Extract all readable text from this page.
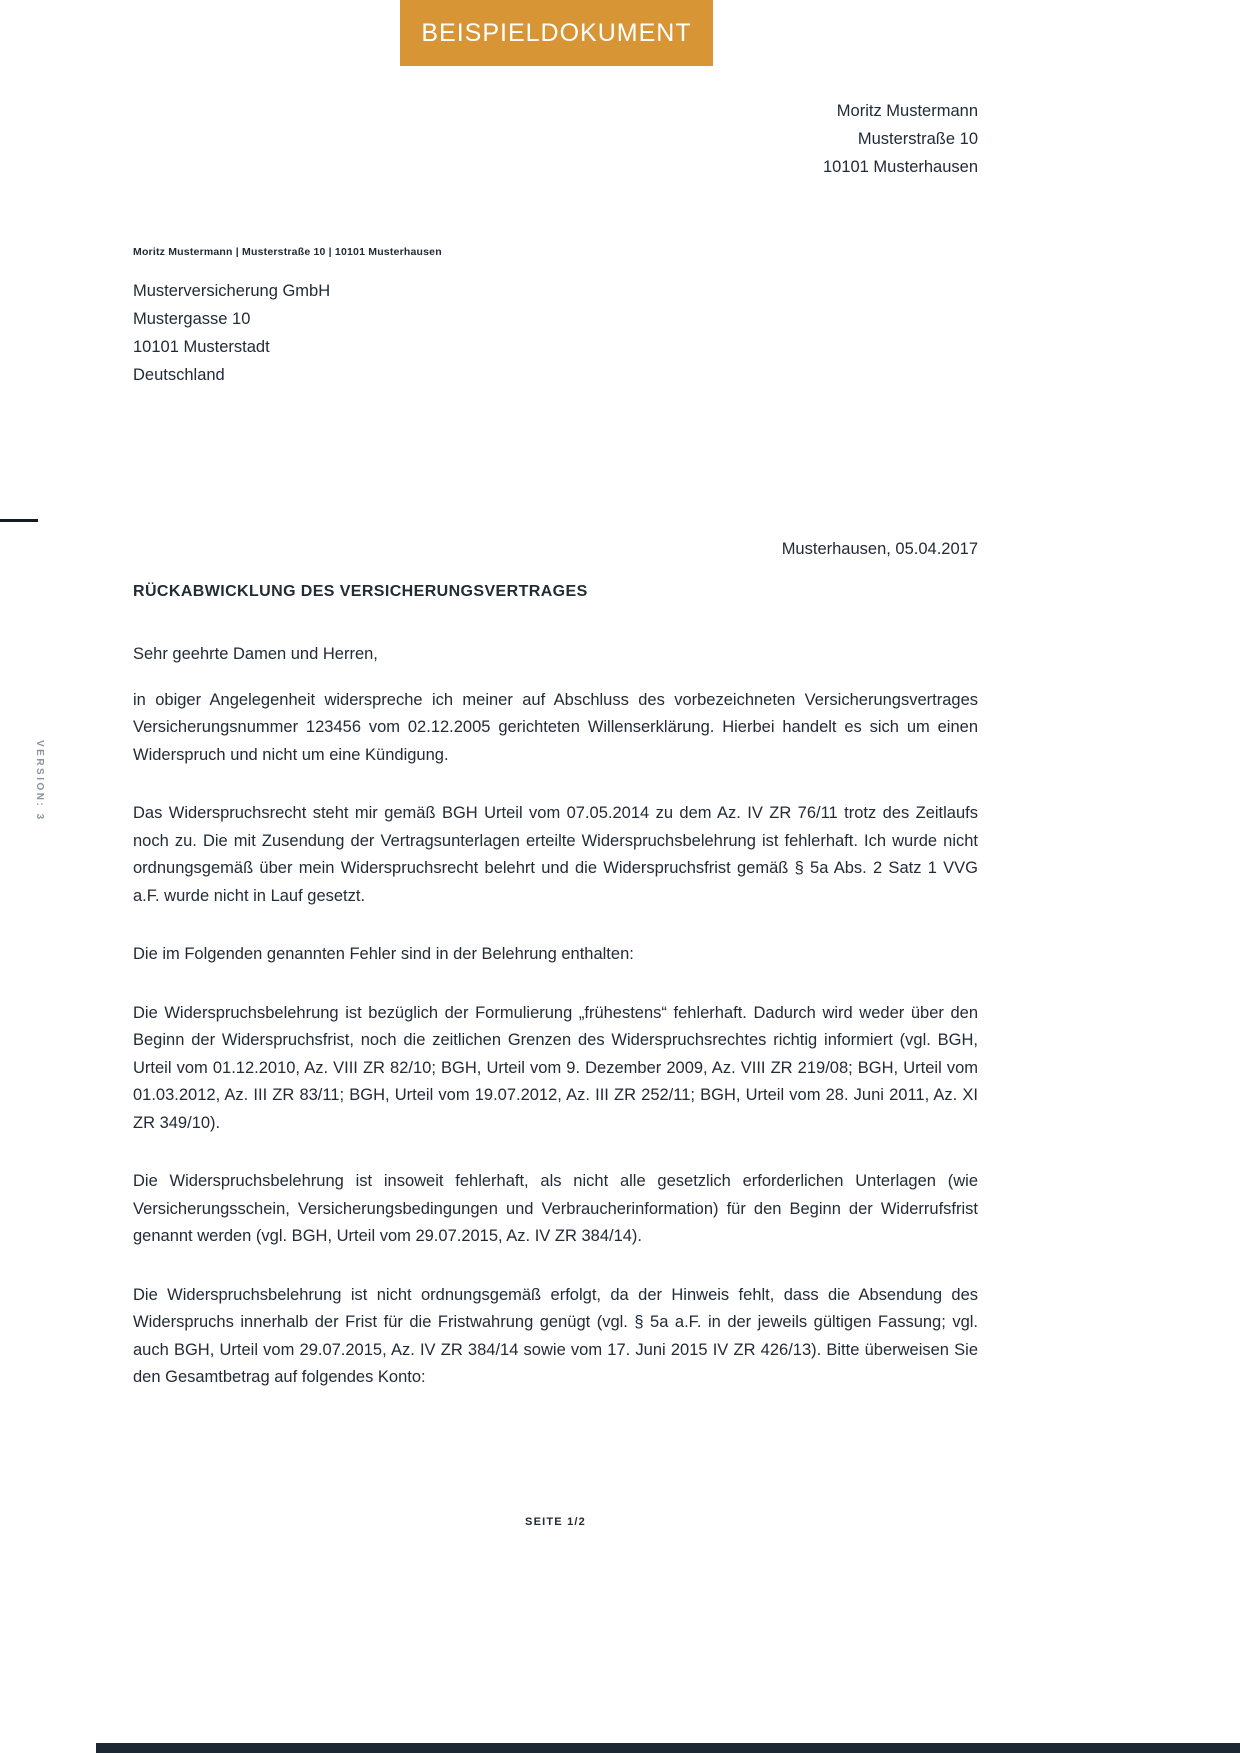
BEISPIELDOKUMENT
Moritz Mustermann
Musterstraße 10
10101 Musterhausen
Moritz Mustermann | Musterstraße 10 | 10101 Musterhausen
Musterversicherung GmbH
Mustergasse 10
10101 Musterstadt
Deutschland
VERSION: 3
Musterhausen, 05.04.2017
RÜCKABWICKLUNG DES VERSICHERUNGSVERTRAGES
Sehr geehrte Damen und Herren,

in obiger Angelegenheit widerspreche ich meiner auf Abschluss des vorbezeichneten Versicherungsvertrages Versicherungsnummer 123456 vom 02.12.2005 gerichteten Willenserklärung. Hierbei handelt es sich um einen Widerspruch und nicht um eine Kündigung.

Das Widerspruchsrecht steht mir gemäß BGH Urteil vom 07.05.2014 zu dem Az. IV ZR 76/11 trotz des Zeitlaufs noch zu. Die mit Zusendung der Vertragsunterlagen erteilte Widerspruchsbelehrung ist fehlerhaft. Ich wurde nicht ordnungsgemäß über mein Widerspruchsrecht belehrt und die Widerspruchsfrist gemäß § 5a Abs. 2 Satz 1 VVG a.F. wurde nicht in Lauf gesetzt.

Die im Folgenden genannten Fehler sind in der Belehrung enthalten:

Die Widerspruchsbelehrung ist bezüglich der Formulierung „frühestens“ fehlerhaft. Dadurch wird weder über den Beginn der Widerspruchsfrist, noch die zeitlichen Grenzen des Widerspruchsrechtes richtig informiert (vgl. BGH, Urteil vom 01.12.2010, Az. VIII ZR 82/10; BGH, Urteil vom 9. Dezember 2009, Az. VIII ZR 219/08; BGH, Urteil vom 01.03.2012, Az. III ZR 83/11; BGH, Urteil vom 19.07.2012, Az. III ZR 252/11; BGH, Urteil vom 28. Juni 2011, Az. XI ZR 349/10).

Die Widerspruchsbelehrung ist insoweit fehlerhaft, als nicht alle gesetzlich erforderlichen Unterlagen (wie Versicherungsschein, Versicherungsbedingungen und Verbraucherinformation) für den Beginn der Widerrufsfrist genannt werden (vgl. BGH, Urteil vom 29.07.2015, Az. IV ZR 384/14).

Die Widerspruchsbelehrung ist nicht ordnungsgemäß erfolgt, da der Hinweis fehlt, dass die Absendung des Widerspruchs innerhalb der Frist für die Fristwahrung genügt (vgl. § 5a a.F. in der jeweils gültigen Fassung; vgl. auch BGH, Urteil vom 29.07.2015, Az. IV ZR 384/14 sowie vom 17. Juni 2015 IV ZR 426/13). Bitte überweisen Sie den Gesamtbetrag auf folgendes Konto:

SEITE 1/2
